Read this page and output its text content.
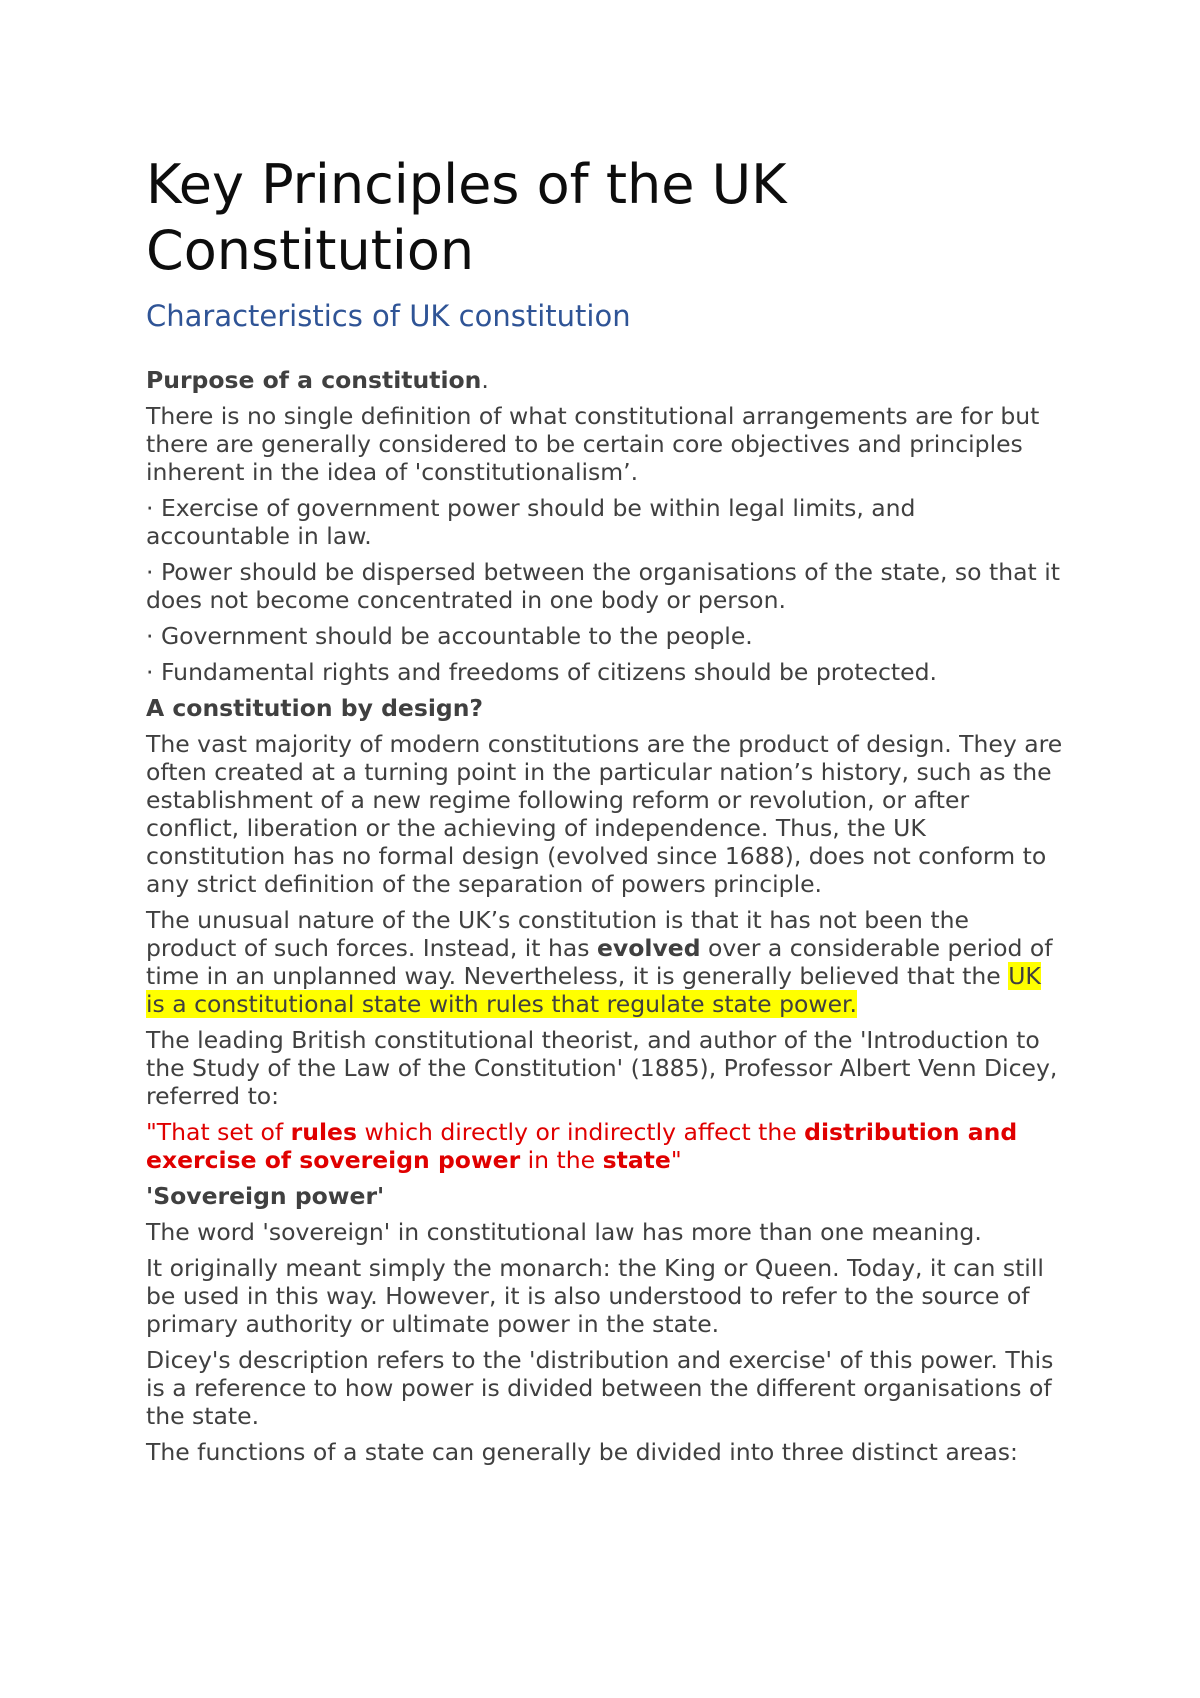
Key Principles of the UK Constitution
Characteristics of UK constitution

Purpose of a constitution.

There is no single definition of what constitutional arrangements are for but there are generally considered to be certain core objectives and principles inherent in the idea of 'constitutionalism’.

· Exercise of government power should be within legal limits, and accountable in law.

· Power should be dispersed between the organisations of the state, so that it does not become concentrated in one body or person.

· Government should be accountable to the people.

· Fundamental rights and freedoms of citizens should be protected.

A constitution by design?

The vast majority of modern constitutions are the product of design. They are often created at a turning point in the particular nation’s history, such as the establishment of a new regime following reform or revolution, or after conflict, liberation or the achieving of independence. Thus, the UK constitution has no formal design (evolved since 1688), does not conform to any strict definition of the separation of powers principle.

The unusual nature of the UK’s constitution is that it has not been the product of such forces. Instead, it has evolved over a considerable period of time in an unplanned way. Nevertheless, it is generally believed that the UK is a constitutional state with rules that regulate state power.

The leading British constitutional theorist, and author of the 'Introduction to the Study of the Law of the Constitution' (1885), Professor Albert Venn Dicey, referred to:

"That set of rules which directly or indirectly affect the distribution and exercise of sovereign power in the state"

'Sovereign power'

The word 'sovereign' in constitutional law has more than one meaning.

It originally meant simply the monarch: the King or Queen. Today, it can still be used in this way. However, it is also understood to refer to the source of primary authority or ultimate power in the state.

Dicey's description refers to the 'distribution and exercise' of this power. This is a reference to how power is divided between the different organisations of the state.

The functions of a state can generally be divided into three distinct areas:
